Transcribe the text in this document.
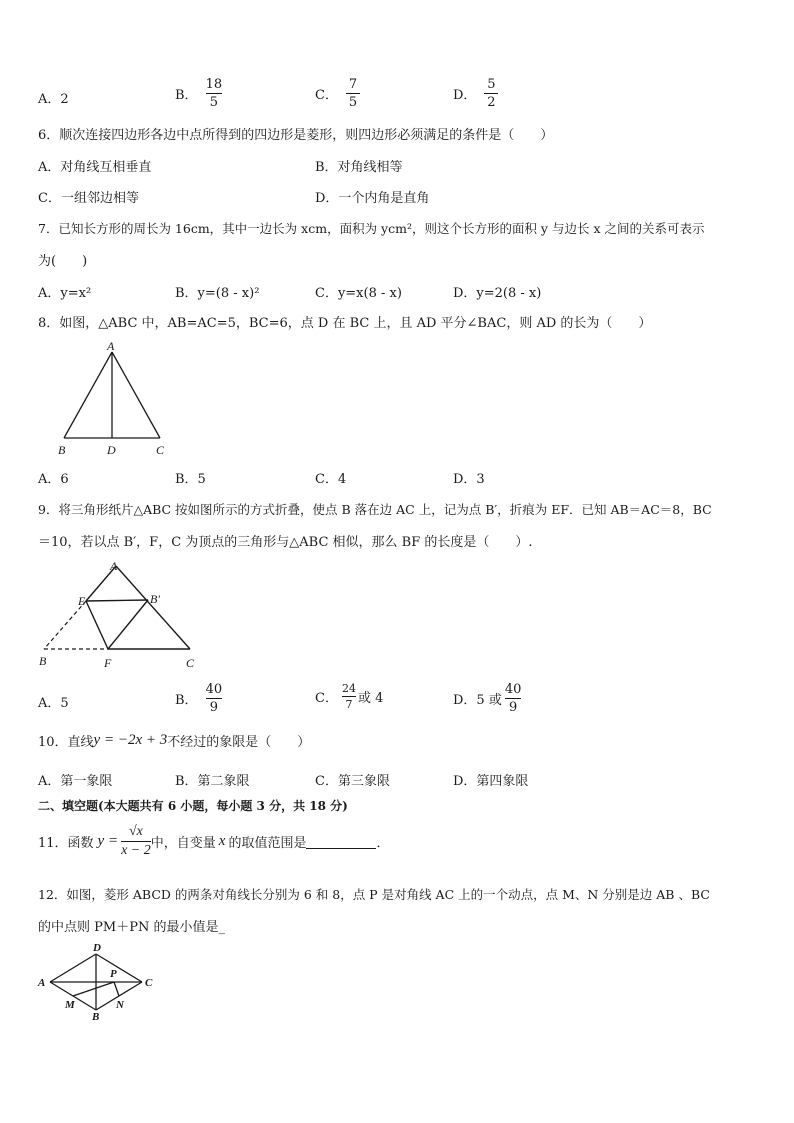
A．2	B． $\frac{18}{5}$	C． $\frac{7}{5}$	D． $\frac{5}{2}$
6．顺次连接四边形各边中点所得到的四边形是菱形，则四边形必须满足的条件是（　　）
A．对角线互相垂直	B．对角线相等
C．一组邻边相等	D．一个内角是直角
7．已知长方形的周长为 16cm，其中一边长为 xcm，面积为 ycm²，则这个长方形的面积 y 与边长 x 之间的关系可表示
为(　　)
A．y=x²	B．y=(8 - x)²	C．y=x(8 - x)	D．y=2(8 - x)
8．如图，△ABC 中，AB=AC=5，BC=6，点 D 在 BC 上，且 AD 平分∠BAC，则 AD 的长为（　　）
A
B	D	C
A．6	B．5	C．4	D．3
9．将三角形纸片△ABC 按如图所示的方式折叠，使点 B 落在边 AC 上，记为点 B′，折痕为 EF．已知 AB＝AC＝8，BC
＝10，若以点 B′，F，C 为顶点的三角形与△ABC 相似，那么 BF 的长度是（　　）.
A
E	B′
B	F	C
A．5	B． $\frac{40}{9}$	C． $\frac{24}{7}$ 或 4	D．5 或 $\frac{40}{9}$
10．直线 y = −2x + 3 不经过的象限是（　　）
A．第一象限	B．第二象限	C．第三象限	D．第四象限
二、填空题(本大题共有 6 小题，每小题 3 分，共 18 分)
11．函数 $y = \frac{√x}{x - 2}$ 中，自变量 x 的取值范围是	．
12．如图，菱形 ABCD 的两条对角线长分别为 6 和 8，点 P 是对角线 AC 上的一个动点，点 M、N 分别是边 AB 、BC
的中点则 PM＋PN 的最小值是_
D
A	C
P
M	N
B
